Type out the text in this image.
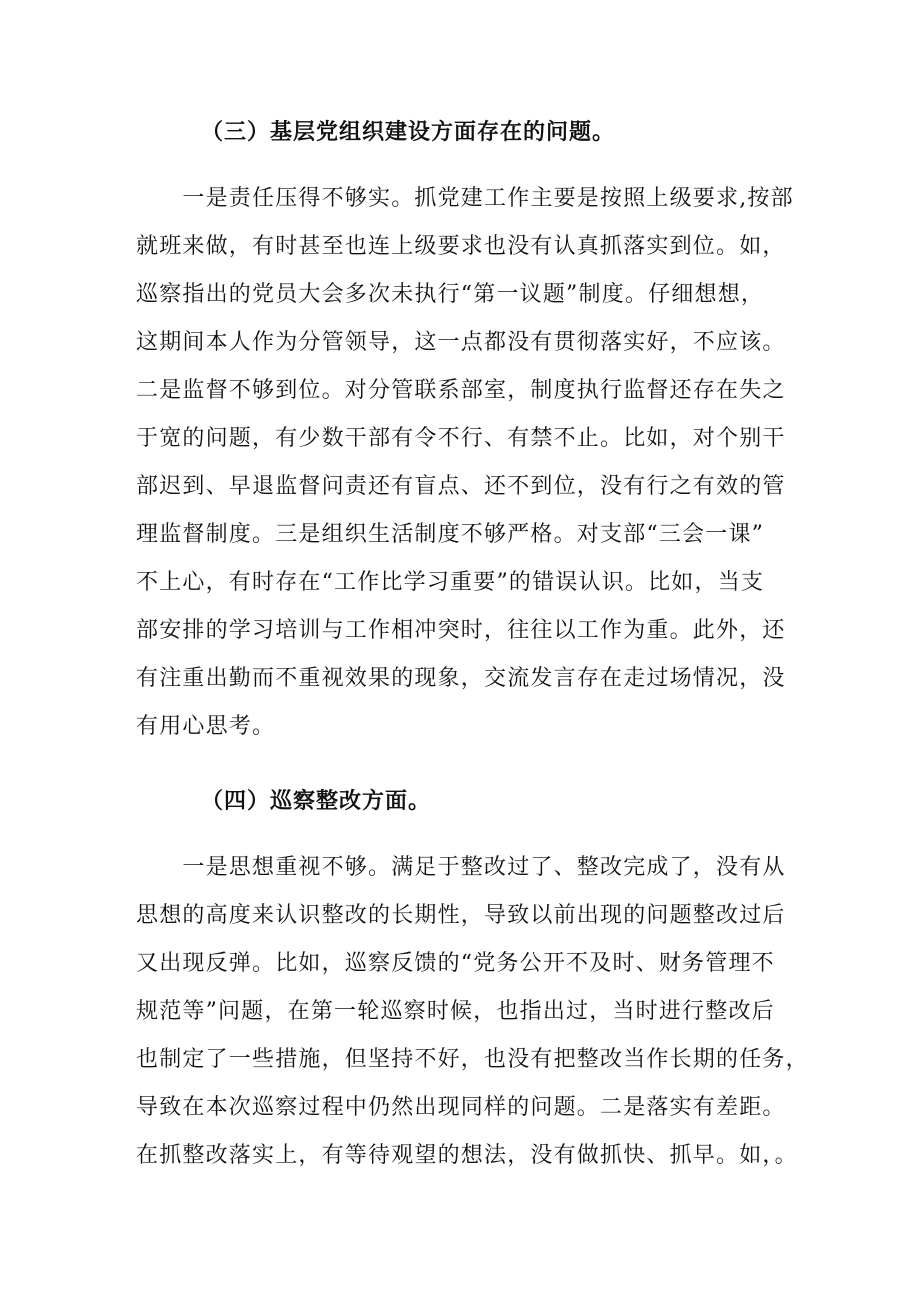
（三）基层党组织建设方面存在的问题。
　　一是责任压得不够实。抓党建工作主要是按照上级要求,按部
就班来做，有时甚至也连上级要求也没有认真抓落实到位。如，
巡察指出的党员大会多次未执行“第一议题”制度。仔细想想，
这期间本人作为分管领导，这一点都没有贯彻落实好，不应该。
二是监督不够到位。对分管联系部室，制度执行监督还存在失之
于宽的问题，有少数干部有令不行、有禁不止。比如，对个别干
部迟到、早退监督问责还有盲点、还不到位，没有行之有效的管
理监督制度。三是组织生活制度不够严格。对支部“三会一课”
不上心，有时存在“工作比学习重要”的错误认识。比如，当支
部安排的学习培训与工作相冲突时，往往以工作为重。此外，还
有注重出勤而不重视效果的现象，交流发言存在走过场情况，没
有用心思考。
（四）巡察整改方面。
　　一是思想重视不够。满足于整改过了、整改完成了，没有从
思想的高度来认识整改的长期性，导致以前出现的问题整改过后
又出现反弹。比如，巡察反馈的“党务公开不及时、财务管理不
规范等”问题，在第一轮巡察时候，也指出过，当时进行整改后
也制定了一些措施，但坚持不好，也没有把整改当作长期的任务，
导致在本次巡察过程中仍然出现同样的问题。二是落实有差距。
在抓整改落实上，有等待观望的想法，没有做抓快、抓早。如，。
